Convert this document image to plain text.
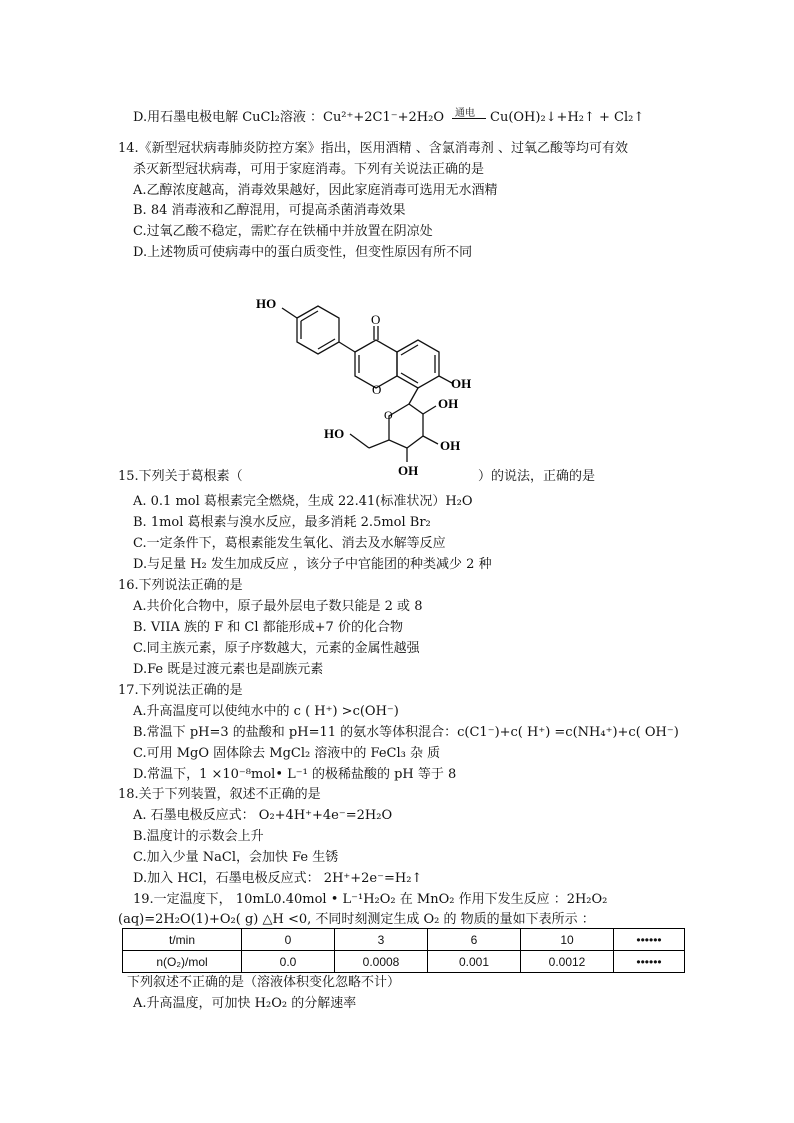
D.用石墨电极电解 CuCl₂溶液 ：Cu²⁺+2C1⁻+2H₂O 通电 Cu(OH)₂↓+H₂↑ + Cl₂↑
14.《新型冠状病毒肺炎防控方案》指出，医用酒精 、含氯消毒剂 、过氧乙酸等均可有效
杀灭新型冠状病毒，可用于家庭消毒。下列有关说法正确的是
A.乙醇浓度越高，消毒效果越好，因此家庭消毒可选用无水酒精
B. 84 消毒液和乙醇混用，可提高杀菌消毒效果
C.过氧乙酸不稳定，需贮存在铁桶中并放置在阴凉处
D.上述物质可使病毒中的蛋白质变性，但变性原因有所不同
HO
O
O	OH
O
OH
HO
OH
OH
15.下列关于葛根素（	）的说法，正确的是
A. 0.1 mol 葛根素完全燃烧，生成 22.41(标准状况）H₂O
B. 1mol 葛根素与溴水反应，最多消耗 2.5mol Br₂
C.一定条件下，葛根素能发生氧化、消去及水解等反应
D.与足量 H₂ 发生加成反应 ，该分子中官能团的种类减少 2 种
16.下列说法正确的是
A.共价化合物中，原子最外层电子数只能是 2 或 8
B. VIIA 族的 F 和 Cl 都能形成+7 价的化合物
C.同主族元素，原子序数越大，元素的金属性越强
D.Fe 既是过渡元素也是副族元素
17.下列说法正确的是
A.升高温度可以使纯水中的 c ( H⁺) >c(OH⁻)
B.常温下 pH=3 的盐酸和 pH=11 的氨水等体积混合：c(C1⁻)+c( H⁺) =c(NH₄⁺)+c( OH⁻)
C.可用 MgO 固体除去 MgCl₂ 溶液中的 FeCl₃ 杂 质
D.常温下，1 ×10⁻⁸mol• L⁻¹ 的极稀盐酸的 pH 等于 8
18.关于下列装置，叙述不正确的是
A. 石墨电极反应式： O₂+4H⁺+4e⁻=2H₂O
B.温度计的示数会上升
C.加入少量 NaCl，会加快 Fe 生锈
D.加入 HCl，石墨电极反应式： 2H⁺+2e⁻=H₂↑
19.一定温度下， 10mL0.40mol • L⁻¹H₂O₂ 在 MnO₂ 作用下发生反应 ：2H₂O₂
(aq)=2H₂O(1)+O₂( g) △H <0, 不同时刻测定生成 O₂ 的 物质的量如下表所示 ：
t/min	0	3	6	10	••••••
n(O₂)/mol	0.0	0.0008	0.001	0.0012	••••••
下列叙述不正确的是（溶液体积变化忽略不计）
A.升高温度，可加快 H₂O₂ 的分解速率
